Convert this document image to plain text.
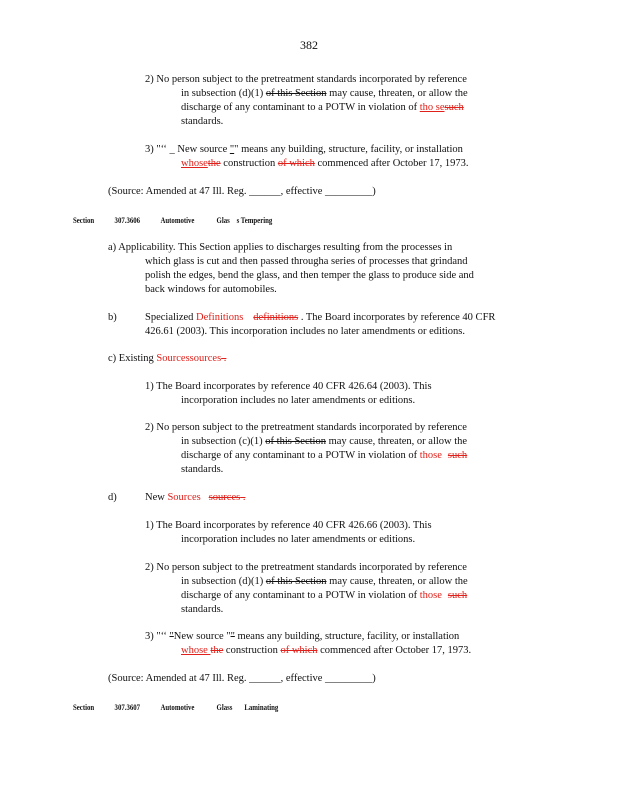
382
2) No person subject to the pretreatment standards incorporated by reference
in subsection (d)(1) of this Section may cause, threaten, or allow the
discharge of any contaminant to a POTW in violation of tho sesuch
standards.
3) "‘‘ _ New source "" means any building, structure, facility, or installation
whosethe construction of which commenced after October 17, 1973.
(Source: Amended at 47 Ill. Reg. ______, effective _________)
Section	307.3606	Automotive	Glas s Tempering
a) Applicability. This Section applies to discharges resulting from the processes in
which glass is cut and then passed througha series of processes that grindand
polish the edges, bend the glass, and then temper the glass to produce side and
back windows for automobiles.
b)	Specialized Definitions definitions . The Board incorporates by reference 40 CFR
426.61 (2003). This incorporation includes no later amendments or editions.
c) Existing Sourcessources .
1) The Board incorporates by reference 40 CFR 426.64 (2003). This
incorporation includes no later amendments or editions.
2) No person subject to the pretreatment standards incorporated by reference
in subsection (c)(1) of this Section may cause, threaten, or allow the
discharge of any contaminant to a POTW in violation of those such
standards.
d)	New Sources sources .
1) The Board incorporates by reference 40 CFR 426.66 (2003). This
incorporation includes no later amendments or editions.
2) No person subject to the pretreatment standards incorporated by reference
in subsection (d)(1) of this Section may cause, threaten, or allow the
discharge of any contaminant to a POTW in violation of those such
standards.
3) "‘‘ "New source "" means any building, structure, facility, or installation
whose the construction of which commenced after October 17, 1973.
(Source: Amended at 47 Ill. Reg. ______, effective _________)
Section	307.3607	Automotive	Glass Laminating
